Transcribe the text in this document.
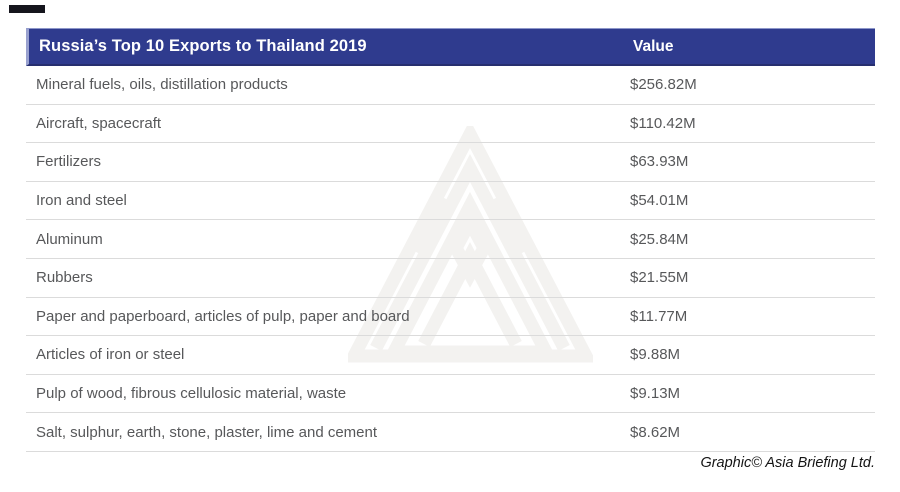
Russia’s Top 10 Exports to Thailand 2019	Value
Mineral fuels, oils, distillation products	$256.82M
Aircraft, spacecraft	$110.42M
Fertilizers	$63.93M
Iron and steel	$54.01M
Aluminum	$25.84M
Rubbers	$21.55M
Paper and paperboard, articles of pulp, paper and board	$11.77M
Articles of iron or steel	$9.88M
Pulp of wood, fibrous cellulosic material, waste	$9.13M
Salt, sulphur, earth, stone, plaster, lime and cement	$8.62M
Graphic© Asia Briefing Ltd.
